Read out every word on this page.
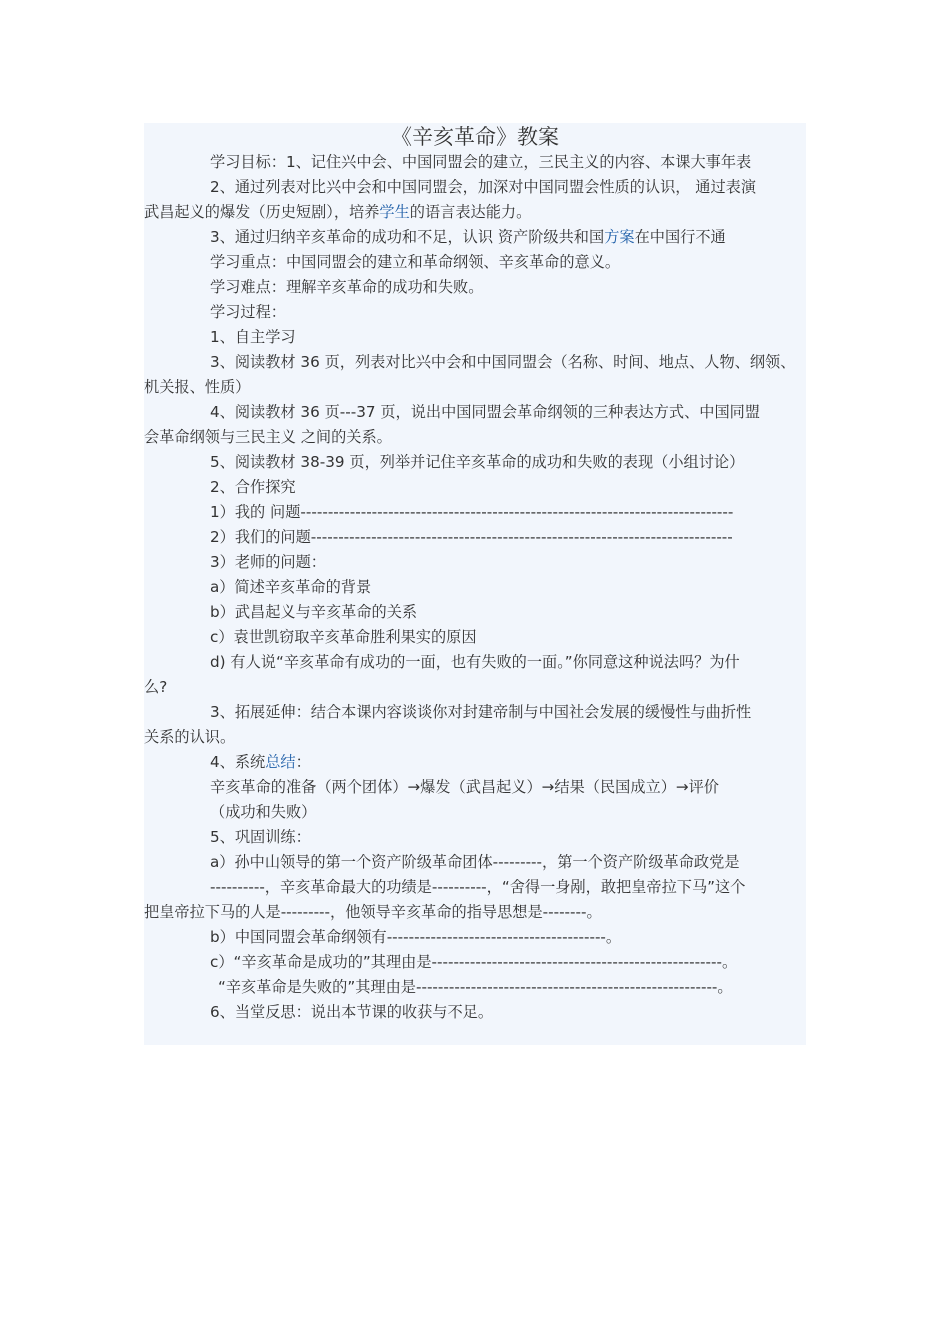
《辛亥革命》教案
学习目标：1、记住兴中会、中国同盟会的建立，三民主义的内容、本课大事年表
2、通过列表对比兴中会和中国同盟会，加深对中国同盟会性质的认识， 通过表演
武昌起义的爆发（历史短剧），培养学生的语言表达能力。
3、通过归纳辛亥革命的成功和不足，认识 资产阶级共和国方案在中国行不通
学习重点：中国同盟会的建立和革命纲领、辛亥革命的意义。
学习难点：理解辛亥革命的成功和失败。
学习过程：
1、自主学习
3、阅读教材 36 页，列表对比兴中会和中国同盟会（名称、时间、地点、人物、纲领、
机关报、性质）
4、阅读教材 36 页---37 页，说出中国同盟会革命纲领的三种表达方式、中国同盟
会革命纲领与三民主义 之间的关系。
5、阅读教材 38-39 页，列举并记住辛亥革命的成功和失败的表现（小组讨论）
2、合作探究
1）我的 问题-------------------------------------------------------------------------------
2）我们的问题-----------------------------------------------------------------------------
3）老师的问题：
a）简述辛亥革命的背景
b）武昌起义与辛亥革命的关系
c）袁世凯窃取辛亥革命胜利果实的原因
d) 有人说“辛亥革命有成功的一面，也有失败的一面。”你同意这种说法吗？为什
么?
3、拓展延伸：结合本课内容谈谈你对封建帝制与中国社会发展的缓慢性与曲折性
关系的认识。
4、系统总结：
辛亥革命的准备（两个团体）→爆发（武昌起义）→结果（民国成立）→评价
（成功和失败）
5、巩固训练：
a）孙中山领导的第一个资产阶级革命团体---------，第一个资产阶级革命政党是
----------，辛亥革命最大的功绩是----------，“舍得一身剐，敢把皇帝拉下马”这个
把皇帝拉下马的人是---------，他领导辛亥革命的指导思想是--------。
b）中国同盟会革命纲领有----------------------------------------。
c）“辛亥革命是成功的”其理由是-----------------------------------------------------。
“辛亥革命是失败的”其理由是-------------------------------------------------------。
6、当堂反思：说出本节课的收获与不足。
